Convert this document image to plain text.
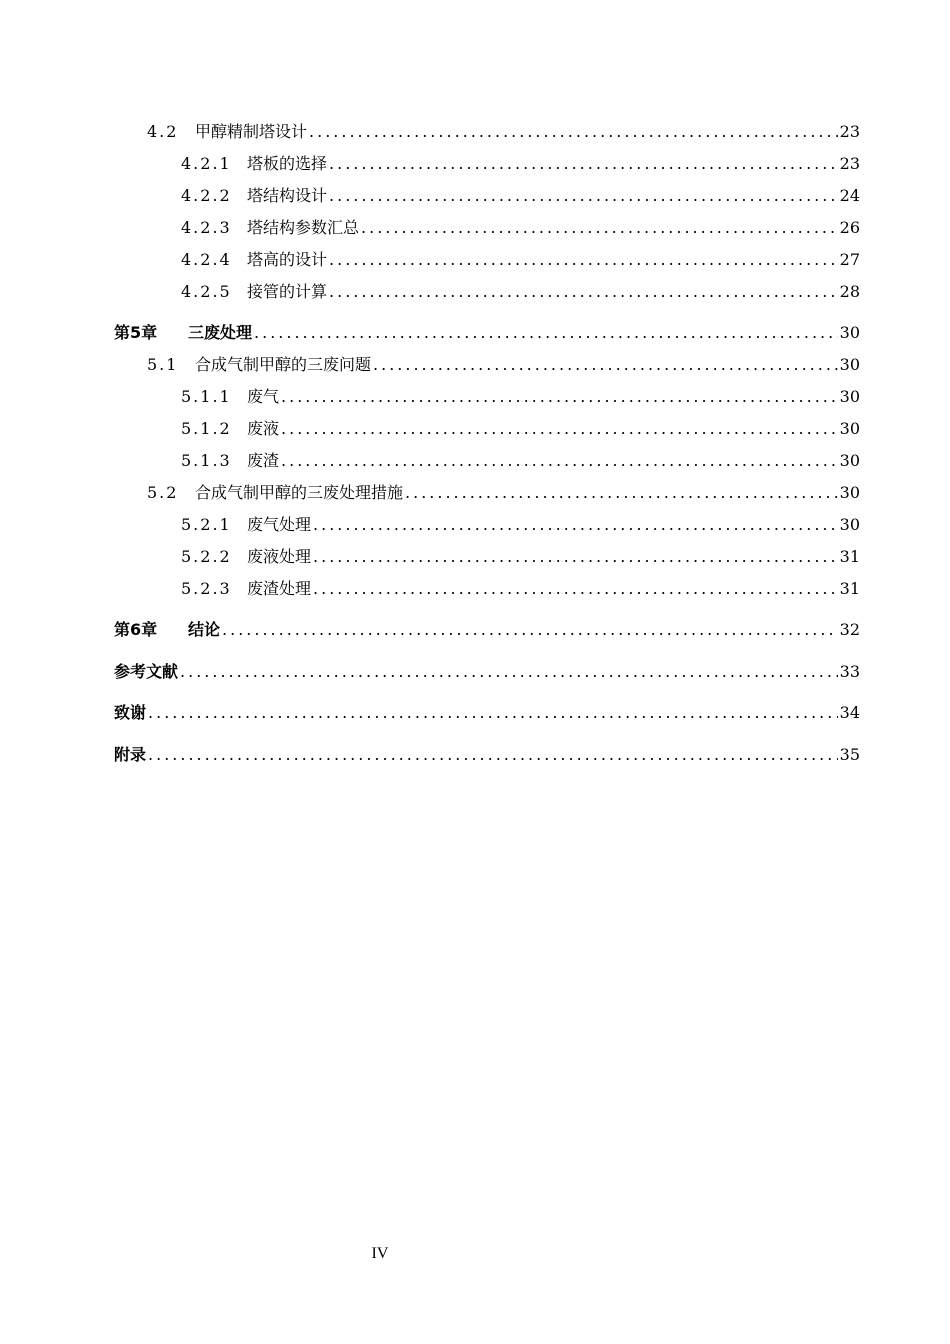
4.2	甲醇精制塔设计 .....	23
4.2.1 塔板的选择 .....	23
4.2.2 塔结构设计 .....	24
4.2.3 塔结构参数汇总 .....	26
4.2.4 塔高的设计 .....	27
4.2.5 接管的计算 .....	28
第5章	三废处理 .....	30
5.1	合成气制甲醇的三废问题 .....	30
5.1.1 废气 .....	30
5.1.2 废液 .....	30
5.1.3 废渣 .....	30
5.2	合成气制甲醇的三废处理措施 .....	30
5.2.1 废气处理 .....	30
5.2.2 废液处理 .....	31
5.2.3 废渣处理 .....	31
第6章	结论 .....	32
参考文献 .....	33
致谢 .....	34
附录 .....	35
IV
